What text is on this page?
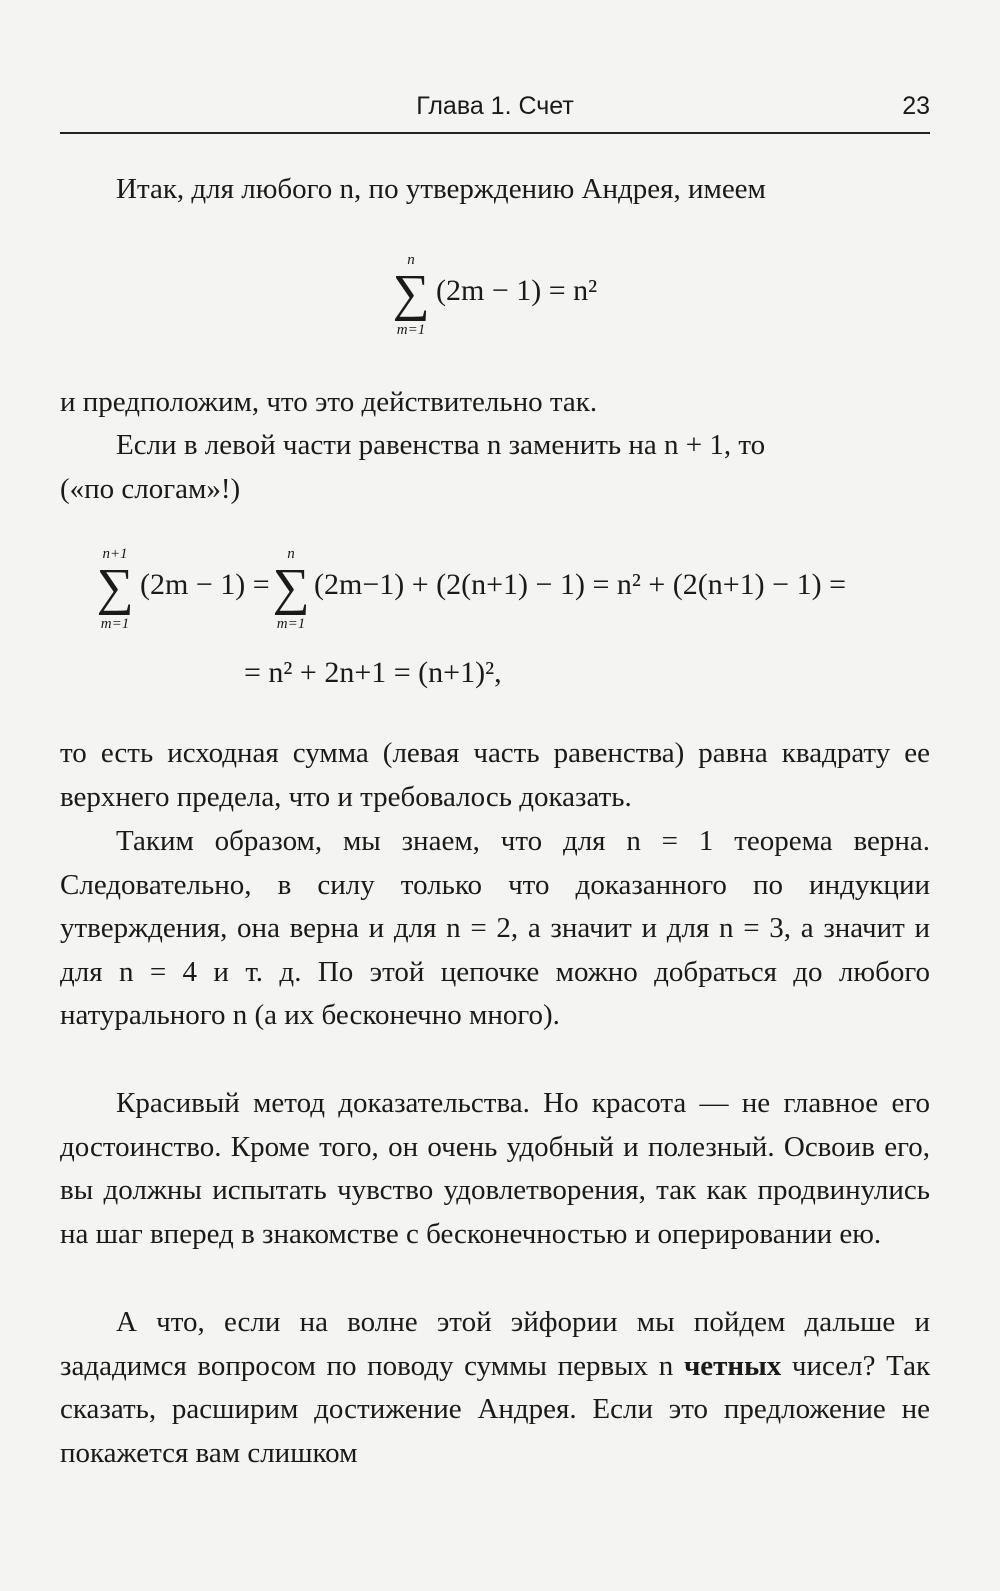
Глава 1. Счет	23

Итак, для любого n, по утверждению Андрея, имеем

n
∑
m=1
(2m − 1) = n²

и предположим, что это действительно так.

Если в левой части равенства n заменить на n + 1, то

(«по слогам»!)

n+1
∑
m=1
(2m − 1) =
n
∑
m=1
(2m−1) + (2(n+1) − 1) = n² + (2(n+1) − 1) =
= n² + 2n+1 = (n+1)²,

то есть исходная сумма (левая часть равенства) равна квадрату ее верхнего предела, что и требовалось доказать.

Таким образом, мы знаем, что для n = 1 теорема верна. Следовательно, в силу только что доказанного по индукции утверждения, она верна и для n = 2, а значит и для n = 3, а значит и для n = 4 и т. д. По этой цепочке можно добраться до любого натурального n (а их бесконечно много).

Красивый метод доказательства. Но красота — не главное его достоинство. Кроме того, он очень удобный и полезный. Освоив его, вы должны испытать чувство удовлетворения, так как продвинулись на шаг вперед в знакомстве с бесконечностью и оперировании ею.

А что, если на волне этой эйфории мы пойдем дальше и зададимся вопросом по поводу суммы первых n четных чисел? Так сказать, расширим достижение Андрея. Если это предложение не покажется вам слишком
